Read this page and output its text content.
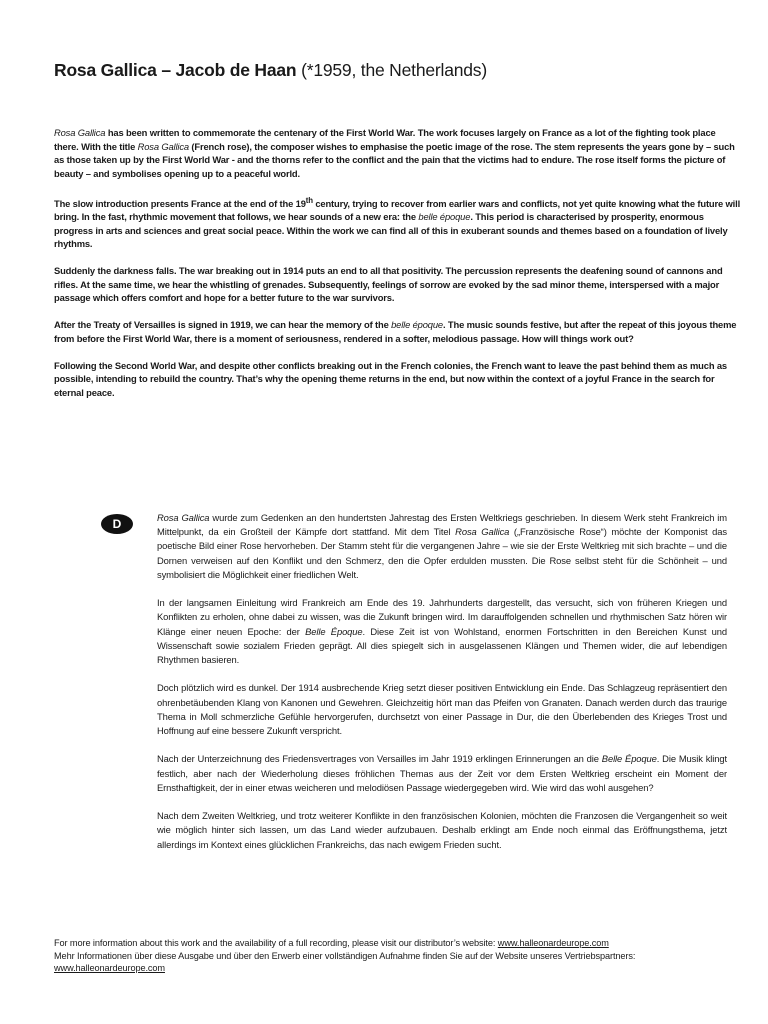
Rosa Gallica – Jacob de Haan (*1959, the Netherlands)

Rosa Gallica has been written to commemorate the centenary of the First World War. The work focuses largely on France as a lot of the fighting took place there. With the title Rosa Gallica (French rose), the composer wishes to emphasise the poetic image of the rose. The stem represents the years gone by – such as those taken up by the First World War - and the thorns refer to the conflict and the pain that the victims had to endure. The rose itself forms the picture of beauty – and symbolises opening up to a peaceful world.

The slow introduction presents France at the end of the 19th century, trying to recover from earlier wars and conflicts, not yet quite knowing what the future will bring. In the fast, rhythmic movement that follows, we hear sounds of a new era: the belle époque. This period is characterised by prosperity, enormous progress in arts and sciences and great social peace. Within the work we can find all of this in exuberant sounds and themes based on a foundation of lively rhythms.

Suddenly the darkness falls. The war breaking out in 1914 puts an end to all that positivity. The percussion represents the deafening sound of cannons and rifles. At the same time, we hear the whistling of grenades. Subsequently, feelings of sorrow are evoked by the sad minor theme, interspersed with a major passage which offers comfort and hope for a better future to the war survivors.

After the Treaty of Versailles is signed in 1919, we can hear the memory of the belle époque. The music sounds festive, but after the repeat of this joyous theme from before the First World War, there is a moment of seriousness, rendered in a softer, melodious passage. How will things work out?

Following the Second World War, and despite other conflicts breaking out in the French colonies, the French want to leave the past behind them as much as possible, intending to rebuild the country. That’s why the opening theme returns in the end, but now within the context of a joyful France in the search for eternal peace.

D	Rosa Gallica wurde zum Gedenken an den hundertsten Jahrestag des Ersten Weltkriegs geschrieben. In diesem Werk steht Frankreich im Mittelpunkt, da ein Großteil der Kämpfe dort stattfand. Mit dem Titel Rosa Gallica („Französische Rose“) möchte der Komponist das poetische Bild einer Rose hervorheben. Der Stamm steht für die vergangenen Jahre – wie sie der Erste Weltkrieg mit sich brachte – und die Dornen verweisen auf den Konflikt und den Schmerz, den die Opfer erdulden mussten. Die Rose selbst steht für die Schönheit – und symbolisiert die Möglichkeit einer friedlichen Welt.

In der langsamen Einleitung wird Frankreich am Ende des 19. Jahrhunderts dargestellt, das versucht, sich von früheren Kriegen und Konflikten zu erholen, ohne dabei zu wissen, was die Zukunft bringen wird. Im darauffolgenden schnellen und rhythmischen Satz hören wir Klänge einer neuen Epoche: der Belle Époque. Diese Zeit ist von Wohlstand, enormen Fortschritten in den Bereichen Kunst und Wissenschaft sowie sozialem Frieden geprägt. All dies spiegelt sich in ausgelassenen Klängen und Themen wider, die auf lebendigen Rhythmen basieren.

Doch plötzlich wird es dunkel. Der 1914 ausbrechende Krieg setzt dieser positiven Entwicklung ein Ende. Das Schlagzeug repräsentiert den ohrenbetäubenden Klang von Kanonen und Gewehren. Gleichzeitig hört man das Pfeifen von Granaten. Danach werden durch das traurige Thema in Moll schmerzliche Gefühle hervorgerufen, durchsetzt von einer Passage in Dur, die den Überlebenden des Krieges Trost und Hoffnung auf eine bessere Zukunft verspricht.

Nach der Unterzeichnung des Friedensvertrages von Versailles im Jahr 1919 erklingen Erinnerungen an die Belle Époque. Die Musik klingt festlich, aber nach der Wiederholung dieses fröhlichen Themas aus der Zeit vor dem Ersten Weltkrieg erscheint ein Moment der Ernsthaftigkeit, der in einer etwas weicheren und melodiösen Passage wiedergegeben wird. Wie wird das wohl ausgehen?

Nach dem Zweiten Weltkrieg, und trotz weiterer Konflikte in den französischen Kolonien, möchten die Franzosen die Vergangenheit so weit wie möglich hinter sich lassen, um das Land wieder aufzubauen. Deshalb erklingt am Ende noch einmal das Eröffnungsthema, jetzt allerdings im Kontext eines glücklichen Frankreichs, das nach ewigem Frieden sucht.

For more information about this work and the availability of a full recording, please visit our distributor’s website: www.halleonardeurope.com
Mehr Informationen über diese Ausgabe und über den Erwerb einer vollständigen Aufnahme finden Sie auf der Website unseres Vertriebspartners:
www.halleonardeurope.com
